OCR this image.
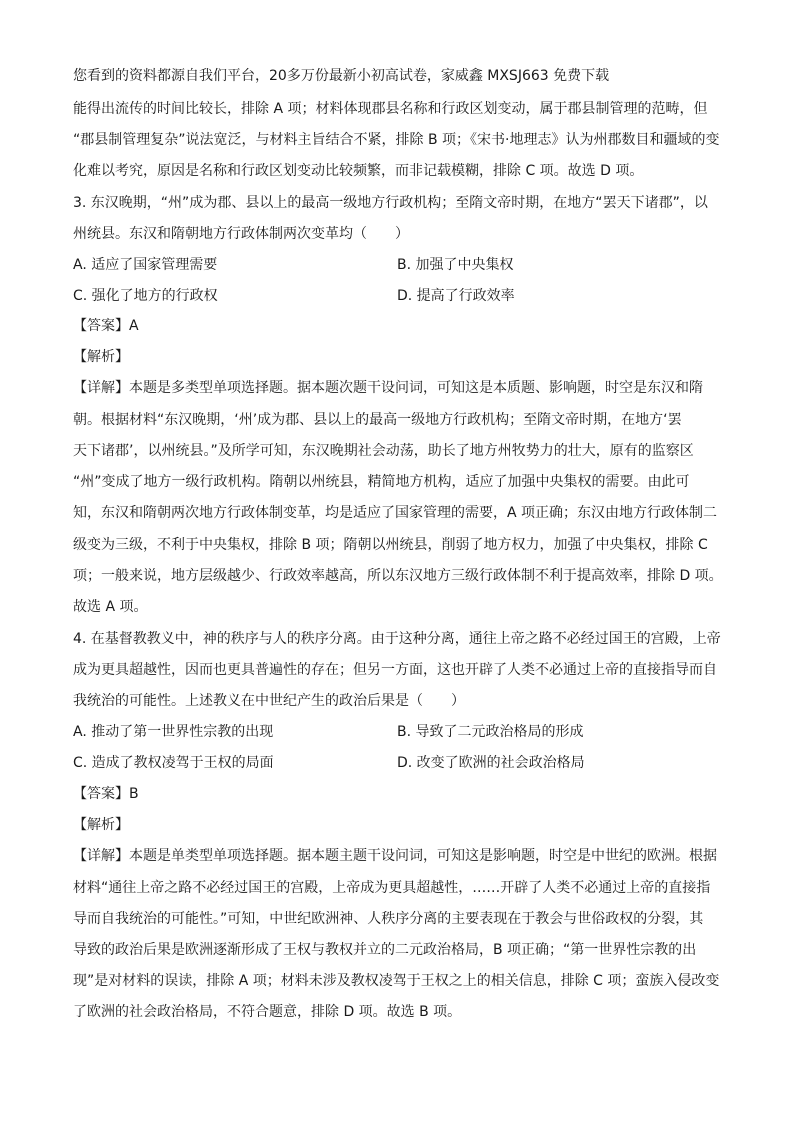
您看到的资料都源自我们平台，20多万份最新小初高试卷，家威鑫 MXSJ663 免费下载
能得出流传的时间比较长，排除 A 项；材料体现郡县名称和行政区划变动，属于郡县制管理的范畴，但
“郡县制管理复杂”说法宽泛，与材料主旨结合不紧，排除 B 项；《宋书·地理志》认为州郡数目和疆域的变
化难以考究，原因是名称和行政区划变动比较频繁，而非记载模糊，排除 C 项。故选 D 项。
3. 东汉晚期，“州”成为郡、县以上的最高一级地方行政机构；至隋文帝时期，在地方“罢天下诸郡”，以
州统县。东汉和隋朝地方行政体制两次变革均（　　）
A. 适应了国家管理需要	B. 加强了中央集权
C. 强化了地方的行政权	D. 提高了行政效率
【答案】A
【解析】
【详解】本题是多类型单项选择题。据本题次题干设问词，可知这是本质题、影响题，时空是东汉和隋
朝。根据材料“东汉晚期，‘州’成为郡、县以上的最高一级地方行政机构；至隋文帝时期，在地方‘罢
天下诸郡’，以州统县。”及所学可知，东汉晚期社会动荡，助长了地方州牧势力的壮大，原有的监察区
“州”变成了地方一级行政机构。隋朝以州统县，精简地方机构，适应了加强中央集权的需要。由此可
知，东汉和隋朝两次地方行政体制变革，均是适应了国家管理的需要，A 项正确；东汉由地方行政体制二
级变为三级，不利于中央集权，排除 B 项；隋朝以州统县，削弱了地方权力，加强了中央集权，排除 C
项；一般来说，地方层级越少、行政效率越高，所以东汉地方三级行政体制不利于提高效率，排除 D 项。
故选 A 项。
4. 在基督教教义中，神的秩序与人的秩序分离。由于这种分离，通往上帝之路不必经过国王的宫殿，上帝
成为更具超越性，因而也更具普遍性的存在；但另一方面，这也开辟了人类不必通过上帝的直接指导而自
我统治的可能性。上述教义在中世纪产生的政治后果是（　　）
A. 推动了第一世界性宗教的出现	B. 导致了二元政治格局的形成
C. 造成了教权凌驾于王权的局面	D. 改变了欧洲的社会政治格局
【答案】B
【解析】
【详解】本题是单类型单项选择题。据本题主题干设问词，可知这是影响题，时空是中世纪的欧洲。根据
材料“通往上帝之路不必经过国王的宫殿，上帝成为更具超越性，……开辟了人类不必通过上帝的直接指
导而自我统治的可能性。”可知，中世纪欧洲神、人秩序分离的主要表现在于教会与世俗政权的分裂，其
导致的政治后果是欧洲逐渐形成了王权与教权并立的二元政治格局，B 项正确；“第一世界性宗教的出
现”是对材料的误读，排除 A 项；材料未涉及教权凌驾于王权之上的相关信息，排除 C 项；蛮族入侵改变
了欧洲的社会政治格局，不符合题意，排除 D 项。故选 B 项。
